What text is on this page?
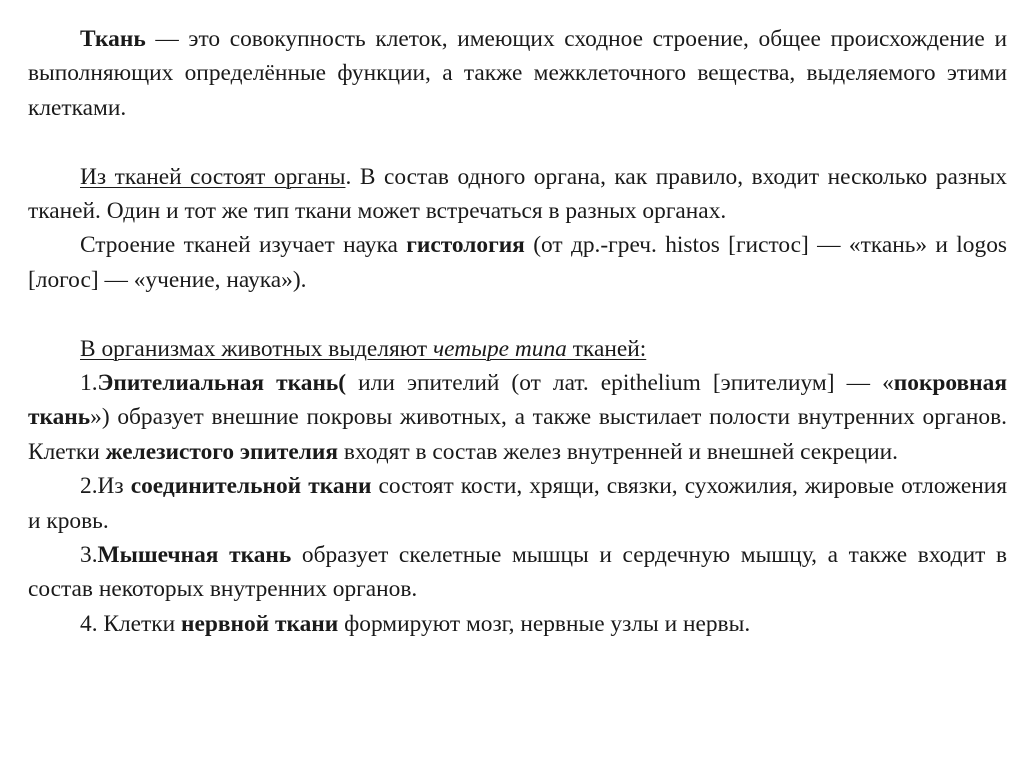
Ткань — это совокупность клеток, имеющих сходное строение, общее происхождение и выполняющих определённые функции, а также межклеточного вещества, выделяемого этими клетками.

Из тканей состоят органы. В состав одного органа, как правило, входит несколько разных тканей. Один и тот же тип ткани может встречаться в разных органах.

Строение тканей изучает наука гистология (от др.-греч. histos [гистос] — «ткань» и logos [логос] — «учение, наука»).

В организмах животных выделяют четыре типа тканей:

1.Эпителиальная ткань( или эпителий (от лат. epithelium [эпителиум] — «покровная ткань») образует внешние покровы животных, а также выстилает полости внутренних органов. Клетки железистого эпителия входят в состав желез внутренней и внешней секреции.

2.Из соединительной ткани состоят кости, хрящи, связки, сухожилия, жировые отложения и кровь.

3.Мышечная ткань образует скелетные мышцы и сердечную мышцу, а также входит в состав некоторых внутренних органов.

4. Клетки нервной ткани формируют мозг, нервные узлы и нервы.
